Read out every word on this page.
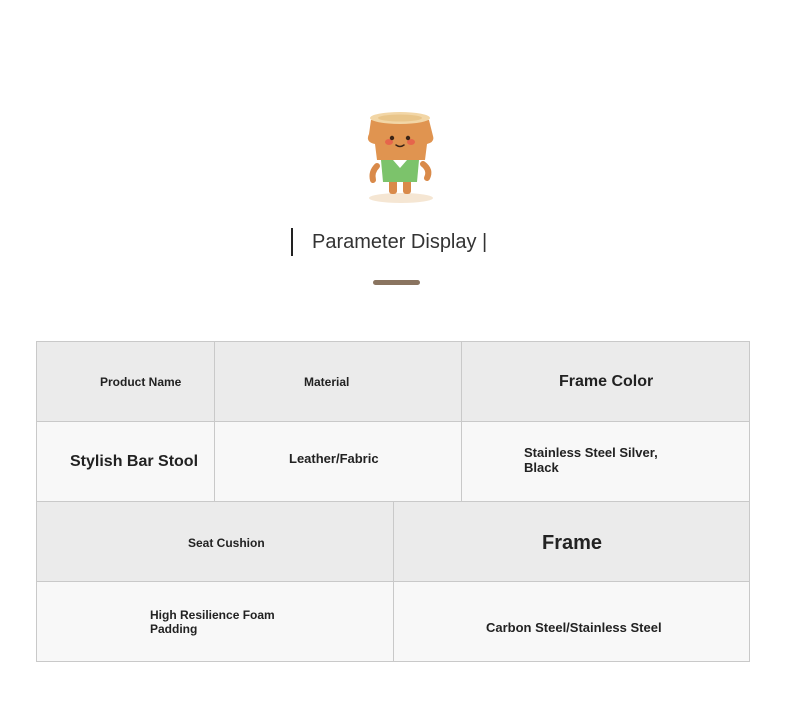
Parameter Display |
Product Name	Material	Frame Color
Stylish Bar Stool	Leather/Fabric	Stainless Steel Silver, Black
Seat Cushion	Frame
High Resilience Foam Padding	Carbon Steel/Stainless Steel
